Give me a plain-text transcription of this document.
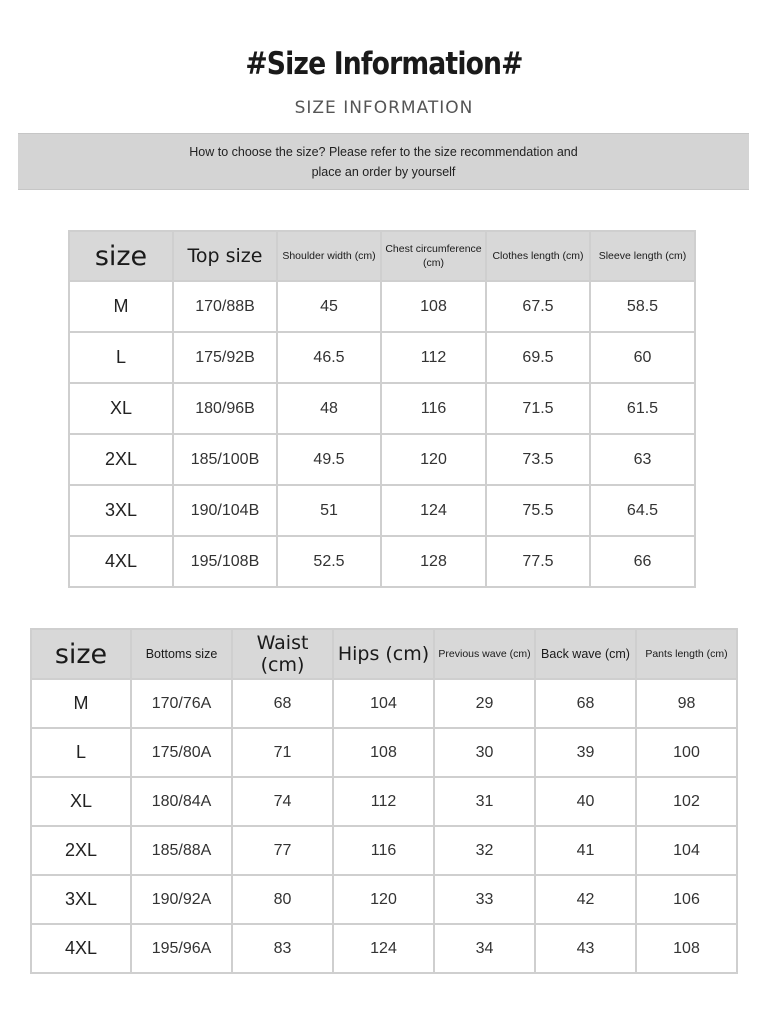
#Size Information#
SIZE INFORMATION
How to choose the size? Please refer to the size recommendation and
place an order by yourself
size	Top size	Shoulder width (cm)	Chest circumference (cm)	Clothes length (cm)	Sleeve length (cm)
M	170/88B	45	108	67.5	58.5
L	175/92B	46.5	112	69.5	60
XL	180/96B	48	116	71.5	61.5
2XL	185/100B	49.5	120	73.5	63
3XL	190/104B	51	124	75.5	64.5
4XL	195/108B	52.5	128	77.5	66
size	Bottoms size	Waist (cm)	Hips (cm)	Previous wave (cm)	Back wave (cm)	Pants length (cm)
M	170/76A	68	104	29	68	98
L	175/80A	71	108	30	39	100
XL	180/84A	74	112	31	40	102
2XL	185/88A	77	116	32	41	104
3XL	190/92A	80	120	33	42	106
4XL	195/96A	83	124	34	43	108
